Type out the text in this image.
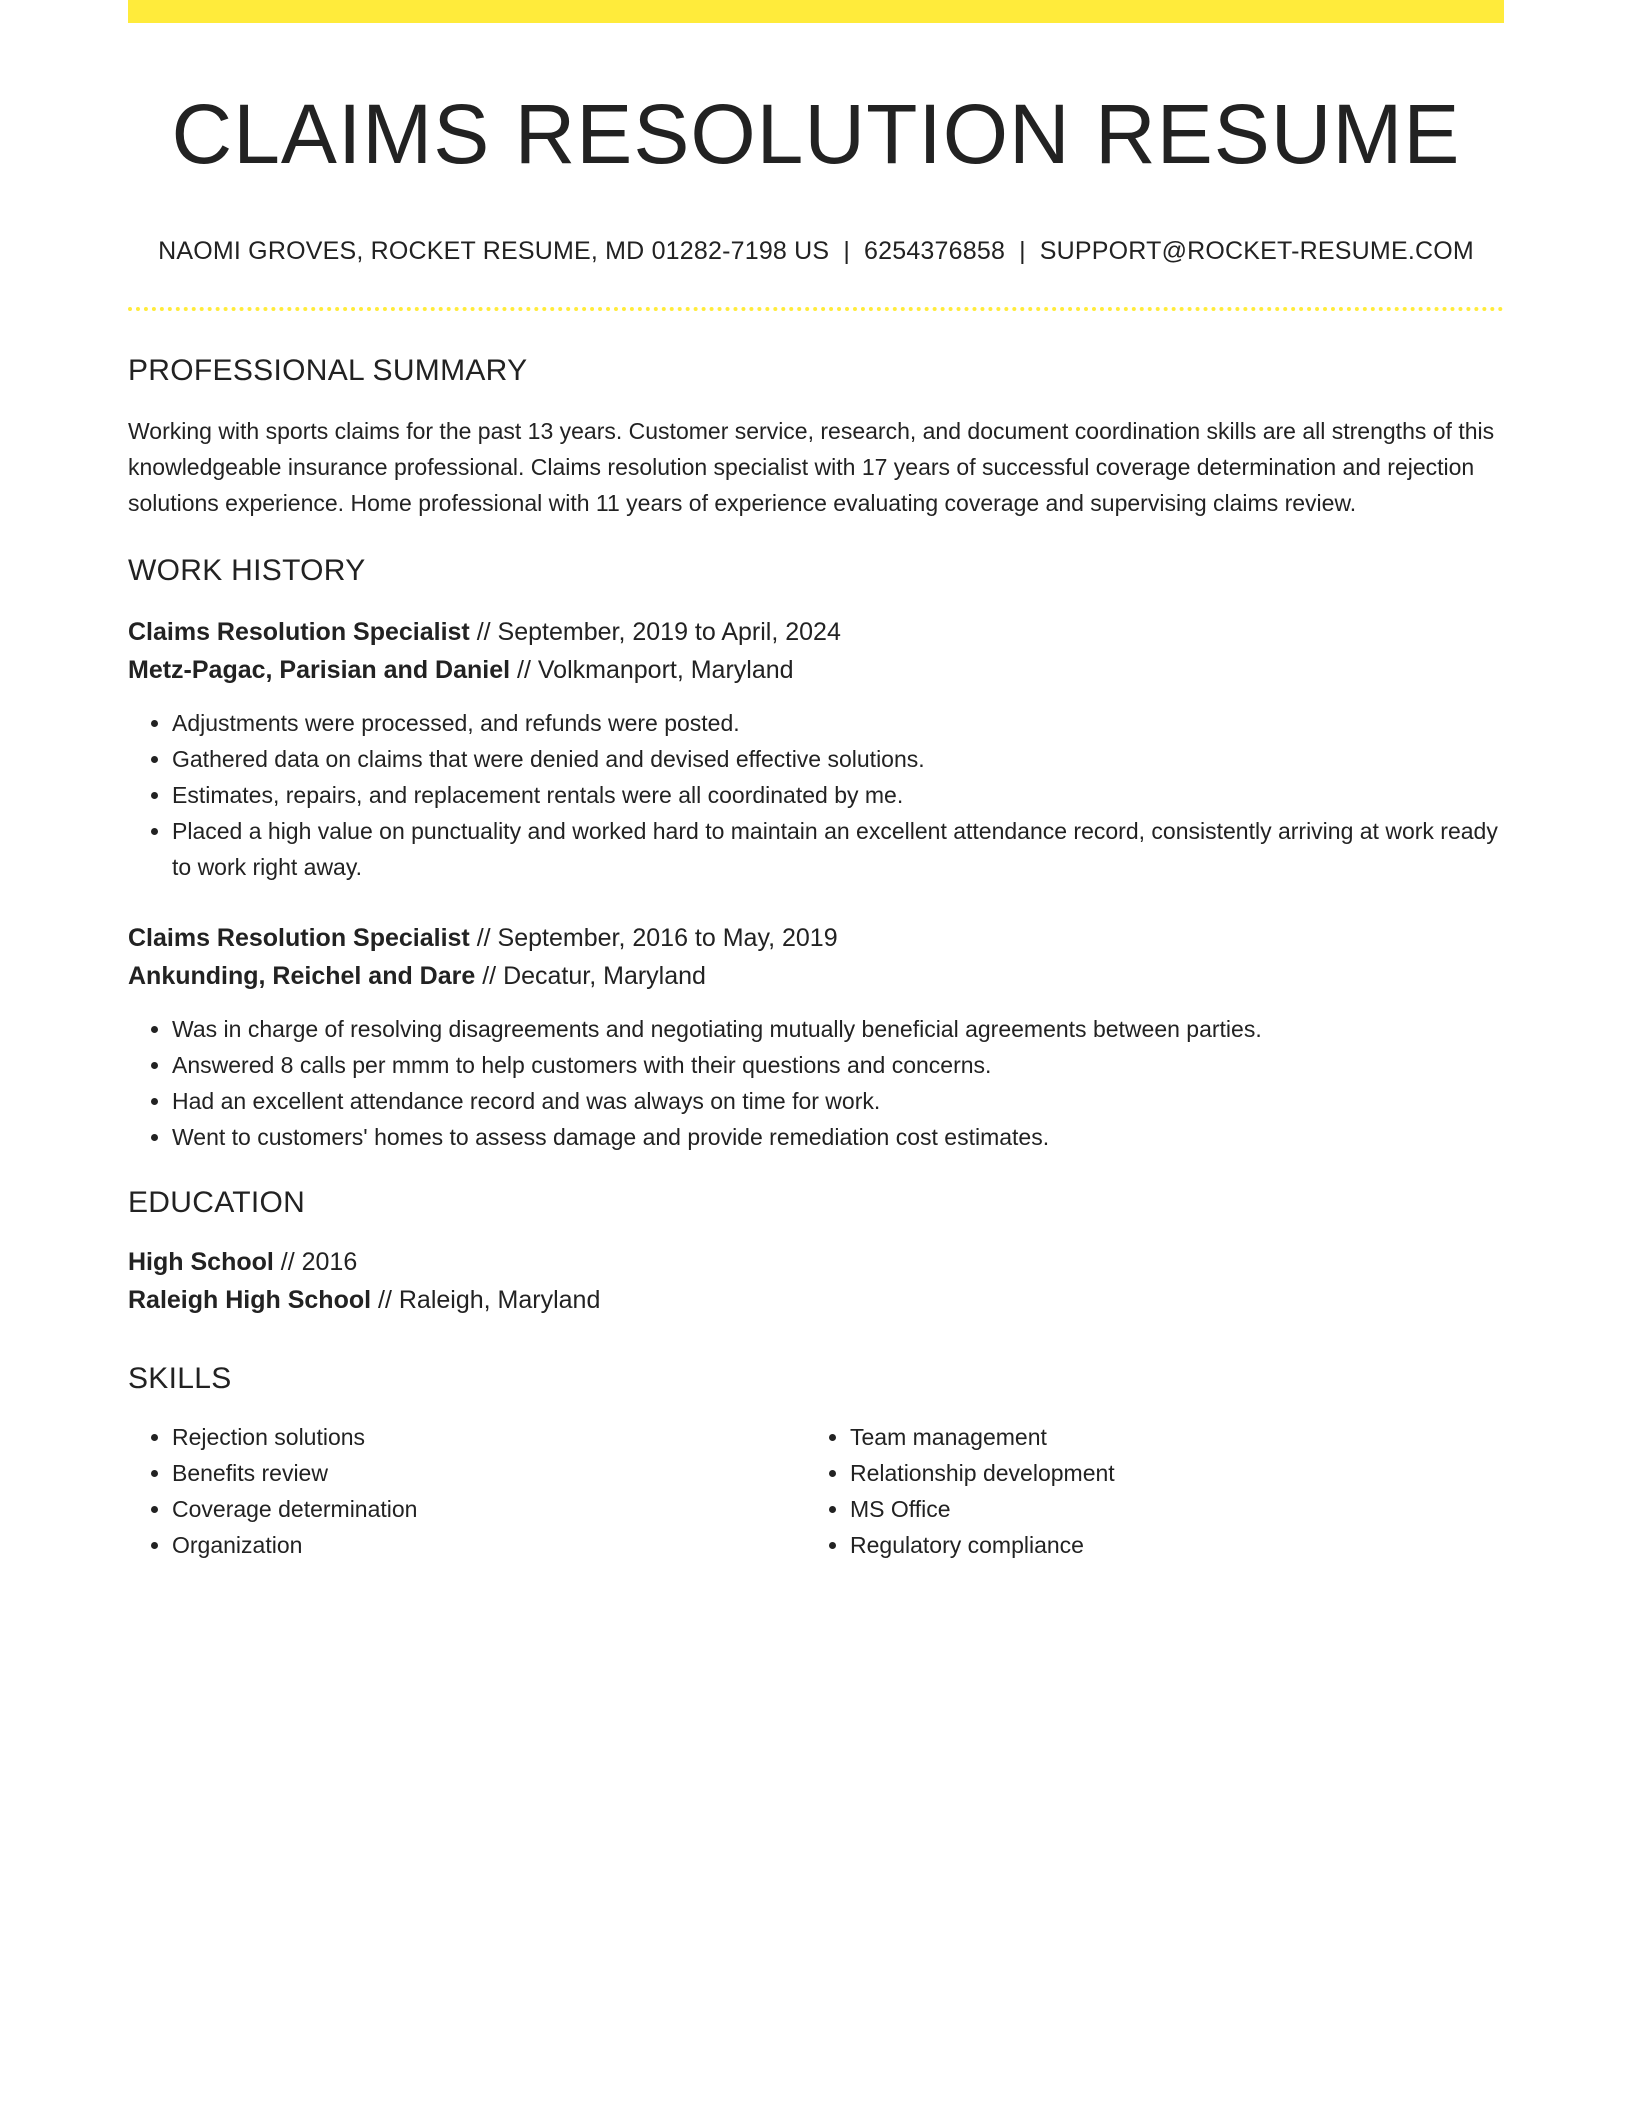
CLAIMS RESOLUTION RESUME
NAOMI GROVES, ROCKET RESUME, MD 01282-7198 US | 6254376858 | SUPPORT@ROCKET-RESUME.COM
PROFESSIONAL SUMMARY

Working with sports claims for the past 13 years. Customer service, research, and document coordination skills are all strengths of this knowledgeable insurance professional. Claims resolution specialist with 17 years of successful coverage determination and rejection solutions experience. Home professional with 11 years of experience evaluating coverage and supervising claims review.

WORK HISTORY
Claims Resolution Specialist // September, 2019 to April, 2024
Metz-Pagac, Parisian and Daniel // Volkmanport, Maryland
• Adjustments were processed, and refunds were posted.
• Gathered data on claims that were denied and devised effective solutions.
• Estimates, repairs, and replacement rentals were all coordinated by me.
• Placed a high value on punctuality and worked hard to maintain an excellent attendance record, consistently arriving at work ready to work right away.
Claims Resolution Specialist // September, 2016 to May, 2019
Ankunding, Reichel and Dare // Decatur, Maryland
• Was in charge of resolving disagreements and negotiating mutually beneficial agreements between parties.
• Answered 8 calls per mmm to help customers with their questions and concerns.
• Had an excellent attendance record and was always on time for work.
• Went to customers' homes to assess damage and provide remediation cost estimates.
EDUCATION
High School // 2016
Raleigh High School // Raleigh, Maryland
SKILLS
• Rejection solutions
• Benefits review
• Coverage determination
• Organization
• Team management
• Relationship development
• MS Office
• Regulatory compliance
